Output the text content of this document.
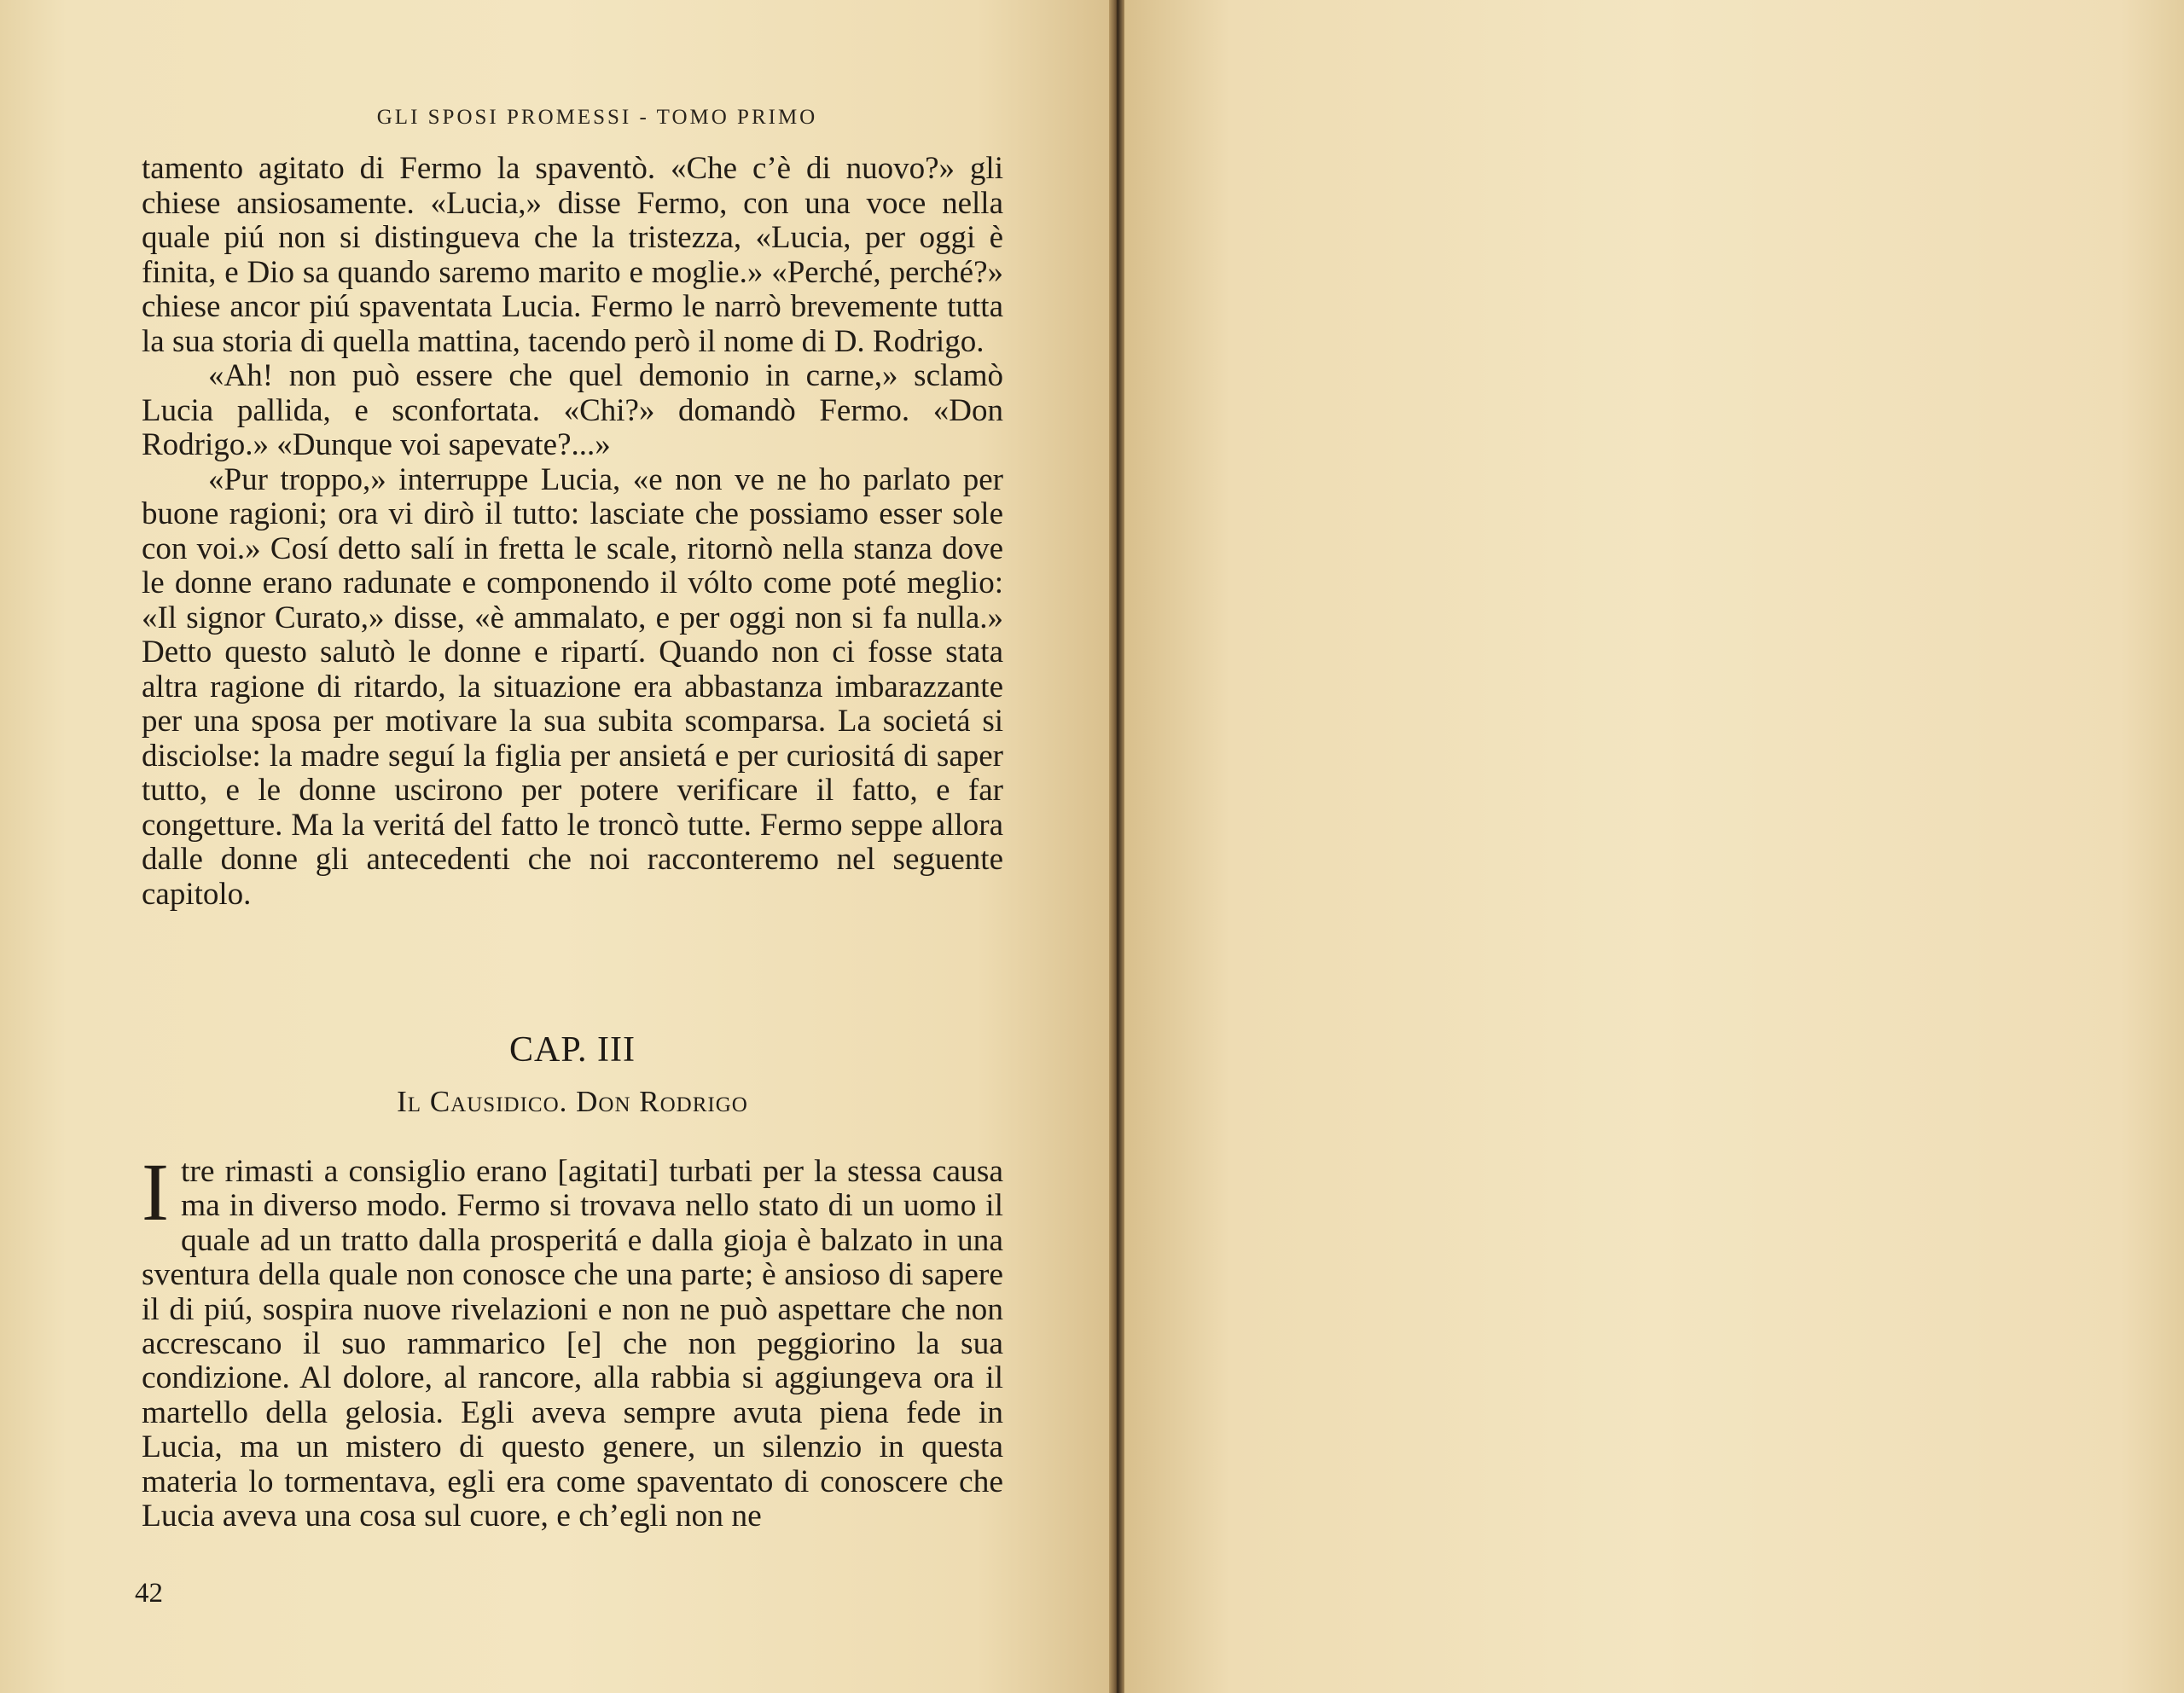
GLI SPOSI PROMESSI - TOMO PRIMO

tamento agitato di Fermo la spaventò. «Che c’è di nuovo?» gli chiese ansiosamente. «Lucia,» disse Fermo, con una voce nella quale piú non si distingueva che la tristezza, «Lucia, per oggi è finita, e Dio sa quando saremo marito e moglie.» «Perché, perché?» chiese ancor piú spaventata Lucia. Fermo le narrò brevemente tutta la sua storia di quella mattina, tacendo però il nome di D. Rodrigo.

«Ah! non può essere che quel demonio in carne,» sclamò Lucia pallida, e sconfortata. «Chi?» domandò Fermo. «Don Rodrigo.» «Dunque voi sapevate?...»

«Pur troppo,» interruppe Lucia, «e non ve ne ho parlato per buone ragioni; ora vi dirò il tutto: lasciate che possiamo esser sole con voi.» Cosí detto salí in fretta le scale, ritornò nella stanza dove le donne erano radunate e componendo il vólto come poté meglio: «Il signor Curato,» disse, «è ammalato, e per oggi non si fa nulla.» Detto questo salutò le donne e ripartí. Quando non ci fosse stata altra ragione di ritardo, la situazione era abbastanza imbarazzante per una sposa per motivare la sua subita scomparsa. La societá si disciolse: la madre seguí la figlia per ansietá e per curiositá di saper tutto, e le donne uscirono per potere verificare il fatto, e far congetture. Ma la veritá del fatto le troncò tutte. Fermo seppe allora dalle donne gli antecedenti che noi racconteremo nel seguente capitolo.

CAP. III
Il Causidico. Don Rodrigo
Itre rimasti a consiglio erano [agitati] turbati per la stessa causa ma in diverso modo. Fermo si trovava nello stato di un uomo il quale ad un tratto dalla prosperitá e dalla gioja è balzato in una sventura della quale non conosce che una parte; è ansioso di sapere il di piú, sospira nuove rivelazioni e non ne può aspettare che non accrescano il suo rammarico [e] che non peggiorino la sua condizione. Al dolore, al rancore, alla rabbia si aggiungeva ora il martello della gelosia. Egli aveva sempre avuta piena fede in Lucia, ma un mistero di questo genere, un silenzio in questa materia lo tormentava, egli era come spaventato di conoscere che Lucia aveva una cosa sul cuore, e ch’egli non ne
42
